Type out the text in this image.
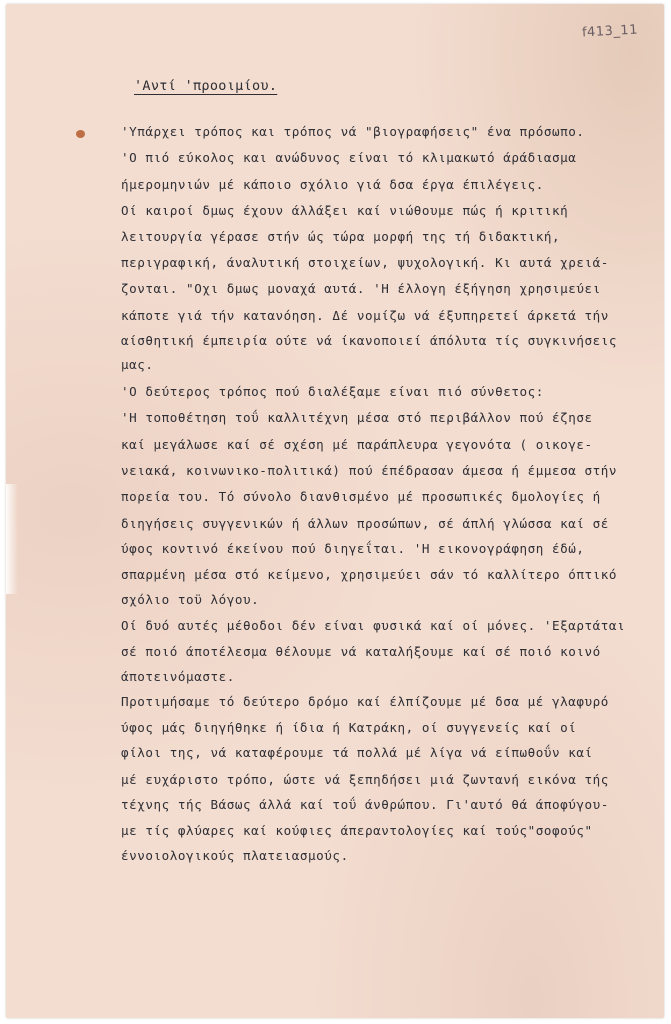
f413_11
'Αντί 'προοιμίου.
'Υπάρχει τρόπος και τρόπος νά "βιογραφήσεις" ένα πρόσωπο.
'Ο πιό εύκολος και ανώδυνος είναι τό κλιμακωτό άράδιασμα
ήμερομηνιών μέ κάποιο σχόλιο γιά δσα έργα έπιλέγεις.
Οί καιροί δμως έχουν άλλάξει καί νιώθουμε πώς ή κριτική
λειτουργία γέρασε στήν ώς τώρα μορφή της τή διδακτική,
περιγραφική, άναλυτική στοιχείων, ψυχολογική. Κι αυτά χρειά-
ζονται. "Οχι δμως μοναχά αυτά. 'Η έλλογη έξήγηση χρησιμεύει
κάποτε γιά τήν κατανόηση. Δέ νομίζω νά έξυπηρετεί άρκετά τήν
αίσθητική έμπειρία ούτε νά ίκανοποιεί άπόλυτα τίς συγκινήσεις
μας.
'Ο δεύτερος τρόπος πού διαλέξαμε είναι πιό σύνθετος:
'Η τοποθέτηση τοΰ καλλιτέχνη μέσα στό περιβάλλον πού έζησε
καί μεγάλωσε καί σέ σχέση μέ παράπλευρα γεγονότα ( οικογε-
νειακά, κοινωνικο-πολιτικά) πού έπέδρασαν άμεσα ή έμμεσα στήν
πορεία του. Τό σύνολο διανθισμένο μέ προσωπικές δμολογίες ή
διηγήσεις συγγενικών ή άλλων προσώπων, σέ άπλή γλώσσα καί σέ
ύφος κοντινό έκείνου πού διηγεΐται. 'Η εικονογράφηση έδώ,
σπαρμένη μέσα στό κείμενο, χρησιμεύει σάν τό καλλίτερο όπτικό
σχόλιο τοϋ λόγου.
Οί δυό αυτές μέθοδοι δέν είναι φυσικά καί οί μόνες. 'Εξαρτάται
σέ ποιό άποτέλεσμα θέλουμε νά καταλήξουμε καί σέ ποιό κοινό
άποτεινόμαστε.
Προτιμήσαμε τό δεύτερο δρόμο καί έλπίζουμε μέ δσα μέ γλαφυρό
ύφος μάς διηγήθηκε ή ίδια ή Κατράκη, οί συγγενείς καί οί
φίλοι της, νά καταφέρουμε τά πολλά μέ λίγα νά είπωθοΰν καί
μέ ευχάριστο τρόπο, ώστε νά ξεπηδήσει μιά ζωντανή εικόνα τής
τέχνης τής Βάσως άλλά καί τοΰ άνθρώπου. Γι'αυτό θά άποφύγου-
με τίς φλύαρες καί κούφιες άπεραντολογίες καί τούς"σοφούς"
έννοιολογικούς πλατειασμούς.
